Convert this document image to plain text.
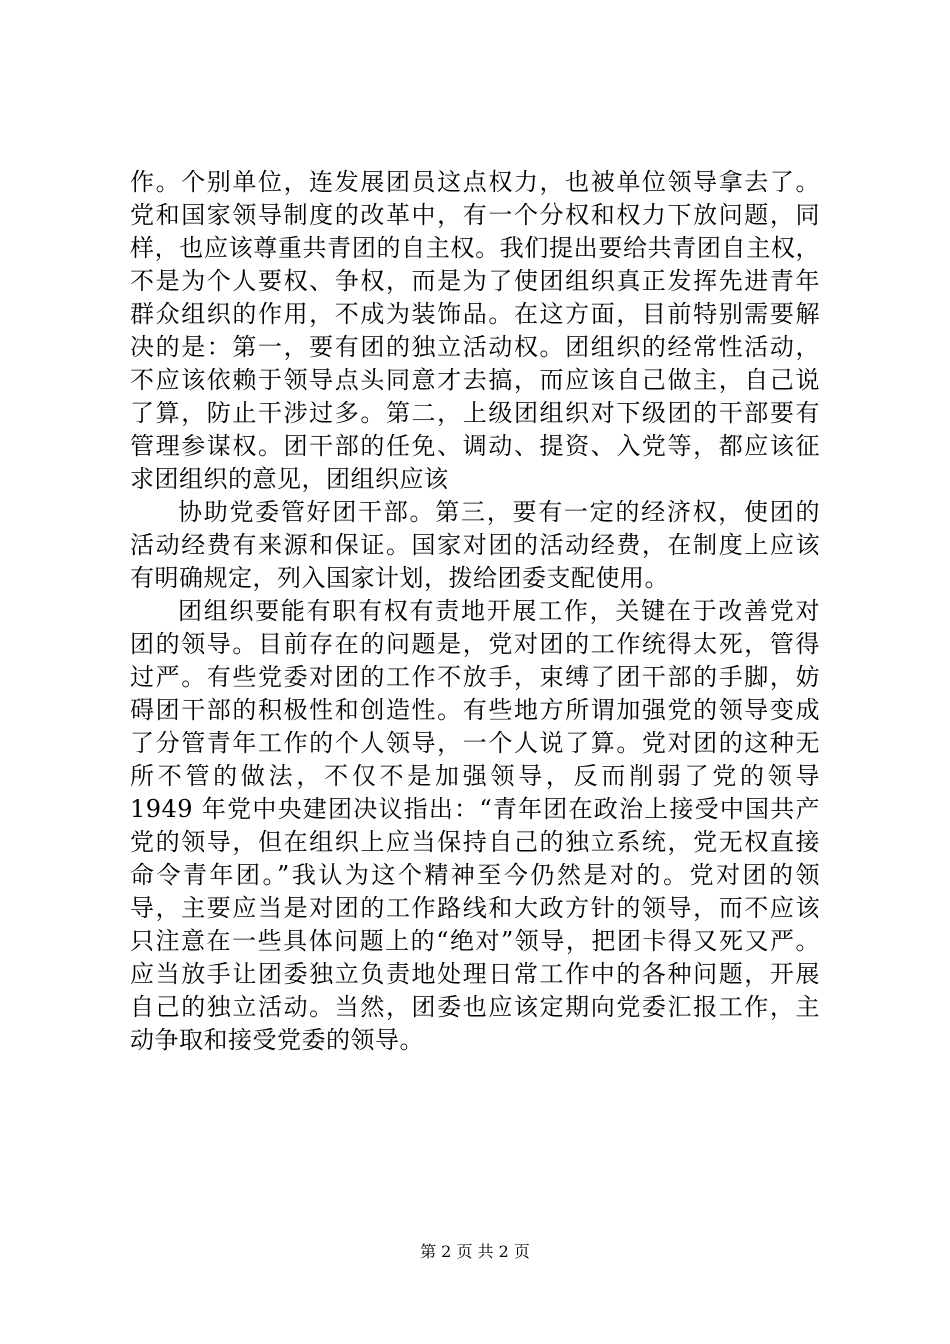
作。个别单位，连发展团员这点权力，也被单位领导拿去了。
党和国家领导制度的改革中，有一个分权和权力下放问题，同
样，也应该尊重共青团的自主权。我们提出要给共青团自主权，
不是为个人要权、争权，而是为了使团组织真正发挥先进青年
群众组织的作用，不成为装饰品。在这方面，目前特别需要解
决的是：第一，要有团的独立活动权。团组织的经常性活动，
不应该依赖于领导点头同意才去搞，而应该自己做主，自己说
了算，防止干涉过多。第二，上级团组织对下级团的干部要有
管理参谋权。团干部的任免、调动、提资、入党等，都应该征
求团组织的意见，团组织应该
协助党委管好团干部。第三，要有一定的经济权，使团的
活动经费有来源和保证。国家对团的活动经费，在制度上应该
有明确规定，列入国家计划，拨给团委支配使用。
团组织要能有职有权有责地开展工作，关键在于改善党对
团的领导。目前存在的问题是，党对团的工作统得太死，管得
过严。有些党委对团的工作不放手，束缚了团干部的手脚，妨
碍团干部的积极性和创造性。有些地方所谓加强党的领导变成
了分管青年工作的个人领导，一个人说了算。党对团的这种无
所不管的做法，不仅不是加强领导，反而削弱了党的领导
1949 年党中央建团决议指出：“青年团在政治上接受中国共产
党的领导，但在组织上应当保持自己的独立系统，党无权直接
命令青年团。”我认为这个精神至今仍然是对的。党对团的领
导，主要应当是对团的工作路线和大政方针的领导，而不应该
只注意在一些具体问题上的“绝对”领导，把团卡得又死又严。
应当放手让团委独立负责地处理日常工作中的各种问题，开展
自己的独立活动。当然，团委也应该定期向党委汇报工作，主
动争取和接受党委的领导。
第 2 页 共 2 页
